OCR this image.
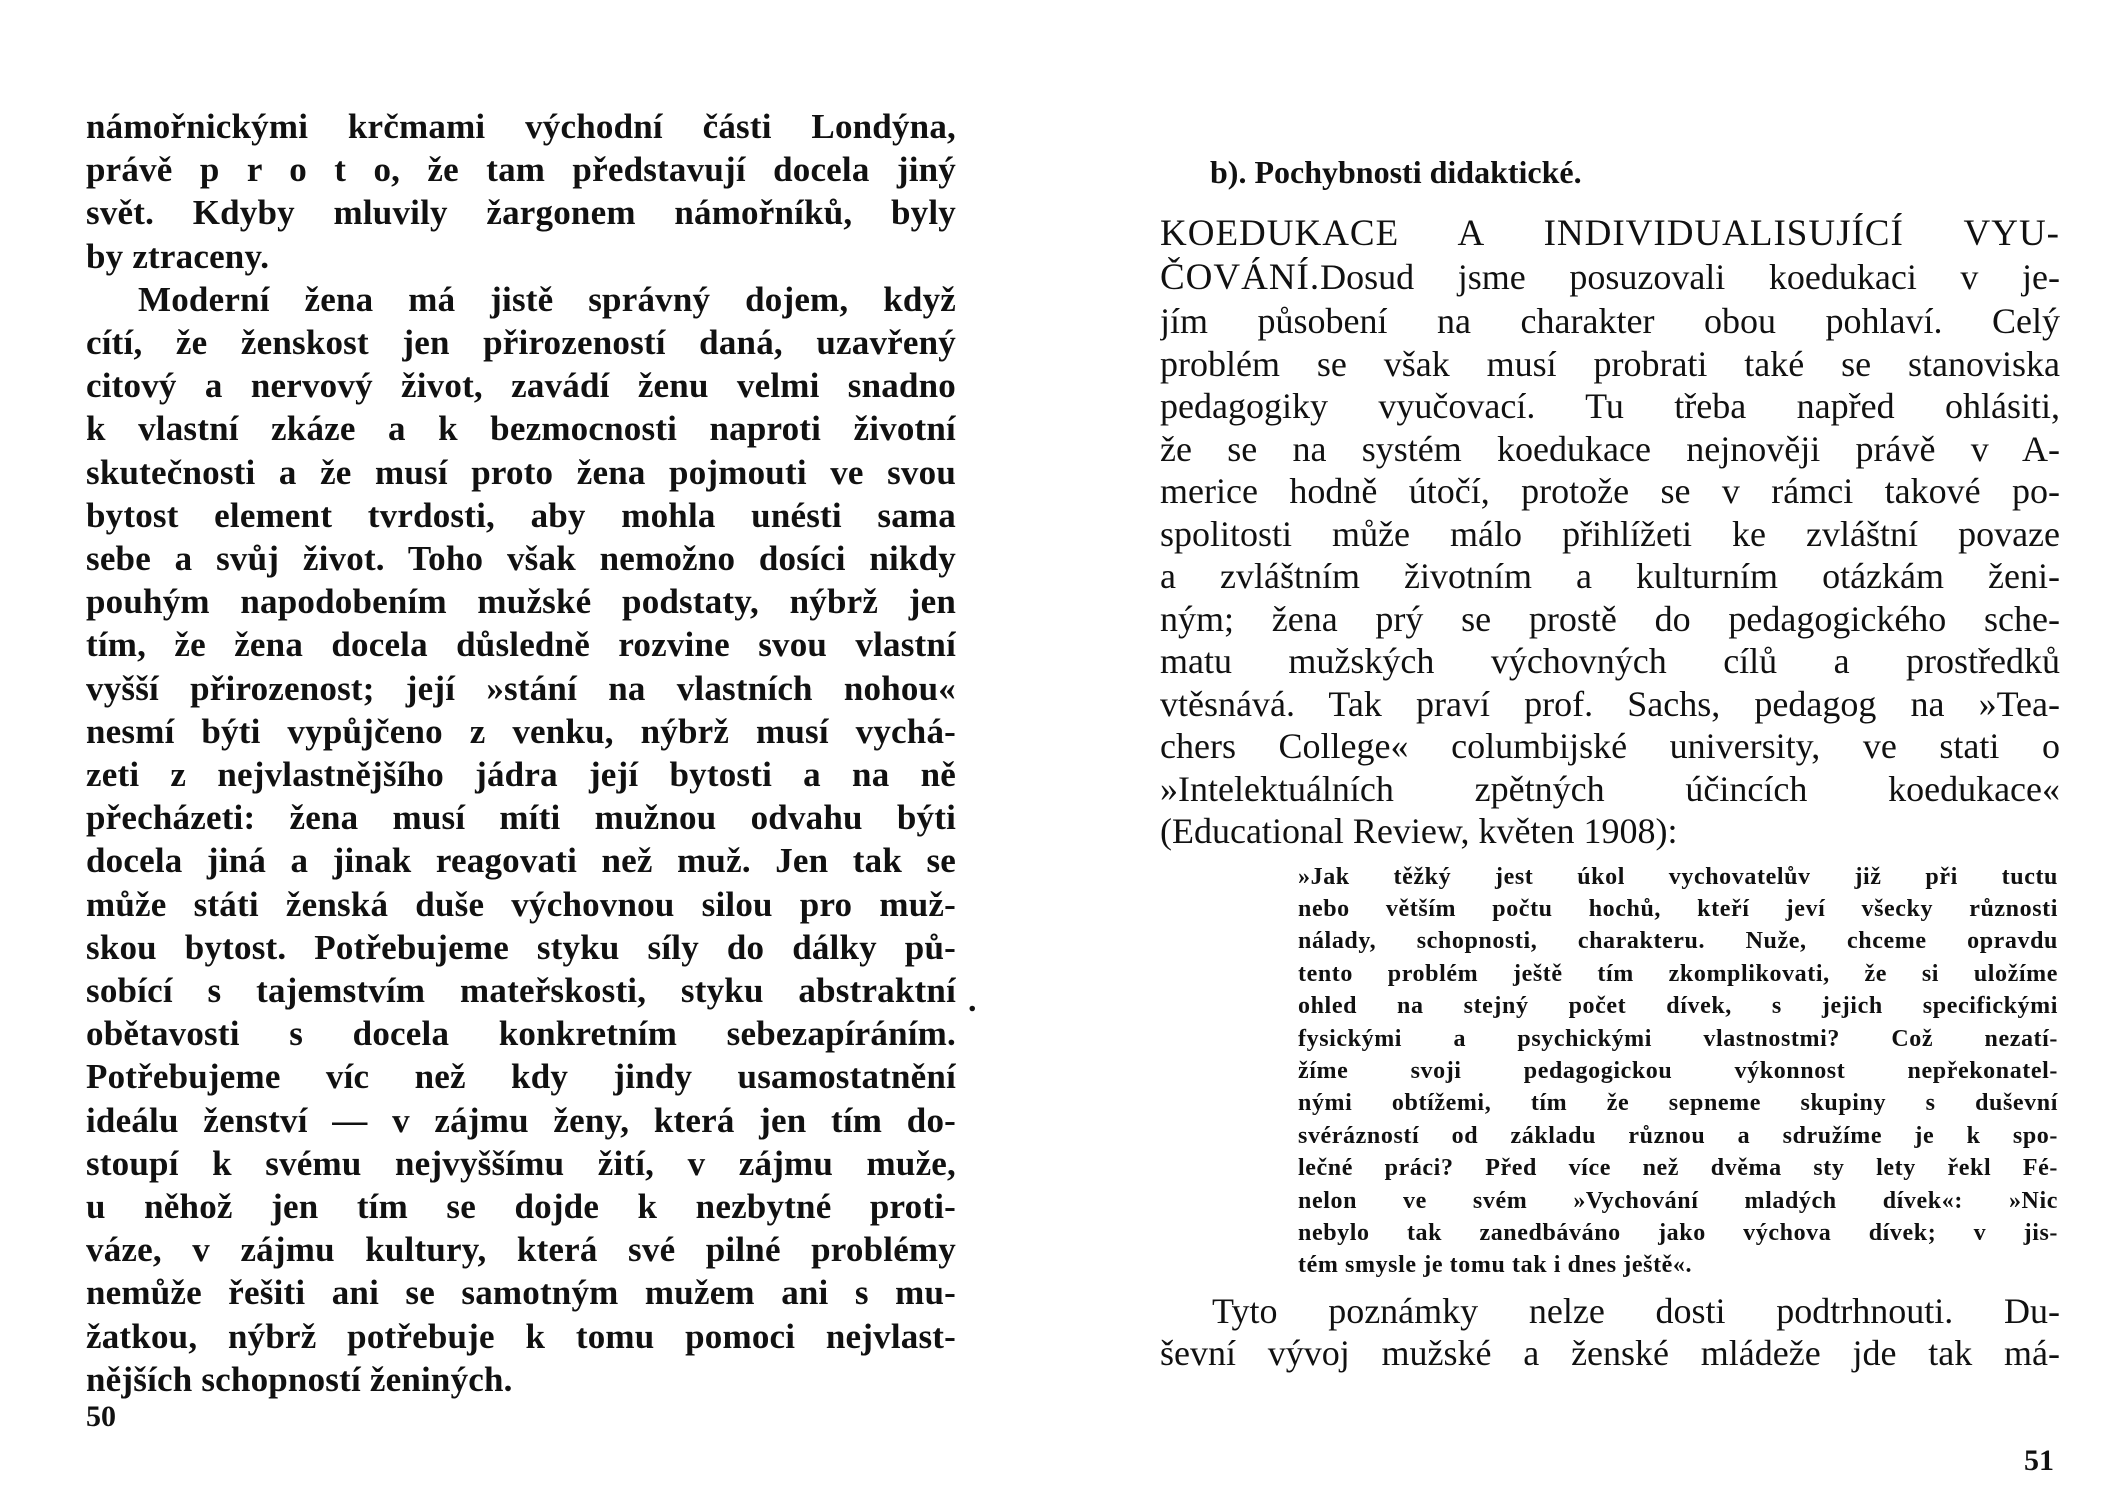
námořnickými krčmami východní části Londýna,
právě p r o t o, že tam představují docela jiný
svět. Kdyby mluvily žargonem námořníků, byly
by ztraceny.
Moderní žena má jistě správný dojem, když
cítí, že ženskost jen přirozeností daná, uzavřený
citový a nervový život, zavádí ženu velmi snadno
k vlastní zkáze a k bezmocnosti naproti životní
skutečnosti a že musí proto žena pojmouti ve svou
bytost element tvrdosti, aby mohla unésti sama
sebe a svůj život. Toho však nemožno dosíci nikdy
pouhým napodobením mužské podstaty, nýbrž jen
tím, že žena docela důsledně rozvine svou vlastní
vyšší přirozenost; její »stání na vlastních nohou«
nesmí býti vypůjčeno z venku, nýbrž musí vychá-
zeti z nejvlastnějšího jádra její bytosti a na ně
přecházeti: žena musí míti mužnou odvahu býti
docela jiná a jinak reagovati než muž. Jen tak se
může státi ženská duše výchovnou silou pro muž-
skou bytost. Potřebujeme styku síly do dálky pů-
sobící s tajemstvím mateřskosti, styku abstraktní
obětavosti s docela konkretním sebezapíráním.
Potřebujeme víc než kdy jindy usamostatnění
ideálu ženství — v zájmu ženy, která jen tím do-
stoupí k svému nejvyššímu žití, v zájmu muže,
u něhož jen tím se dojde k nezbytné proti-
váze, v zájmu kultury, která své pilné problémy
nemůže řešiti ani se samotným mužem ani s mu-
žatkou, nýbrž potřebuje k tomu pomoci nejvlast-
nějších schopností ženiných.
.
50
b). Pochybnosti didaktické.
KOEDUKACE A INDIVIDUALISUJÍCÍ VYU-
ČOVÁNÍ.Dosud jsme posuzovali koedukaci v je-
jím působení na charakter obou pohlaví. Celý
problém se však musí probrati také se stanoviska
pedagogiky vyučovací. Tu třeba napřed ohlásiti,
že se na systém koedukace nejnověji právě v A-
merice hodně útočí, protože se v rámci takové po-
spolitosti může málo přihlížeti ke zvláštní povaze
a zvláštním životním a kulturním otázkám ženi-
ným; žena prý se prostě do pedagogického sche-
matu mužských výchovných cílů a prostředků
vtěsnává. Tak praví prof. Sachs, pedagog na »Tea-
chers College« columbijské university, ve stati o
»Intelektuálních zpětných účincích koedukace«
(Educational Review, květen 1908):
»Jak těžký jest úkol vychovatelův již při tuctu
nebo větším počtu hochů, kteří jeví všecky různosti
nálady, schopnosti, charakteru. Nuže, chceme opravdu
tento problém ještě tím zkomplikovati, že si uložíme
ohled na stejný počet dívek, s jejich specifickými
fysickými a psychickými vlastnostmi? Což nezatí-
žíme svoji pedagogickou výkonnost nepřekonatel-
nými obtížemi, tím že sepneme skupiny s duševní
svérázností od základu různou a sdružíme je k spo-
lečné práci? Před více než dvěma sty lety řekl Fé-
nelon ve svém »Vychování mladých dívek«: »Nic
nebylo tak zanedbáváno jako výchova dívek; v jis-
tém smysle je tomu tak i dnes ještě«.
Tyto poznámky nelze dosti podtrhnouti. Du-
ševní vývoj mužské a ženské mládeže jde tak má-
51
